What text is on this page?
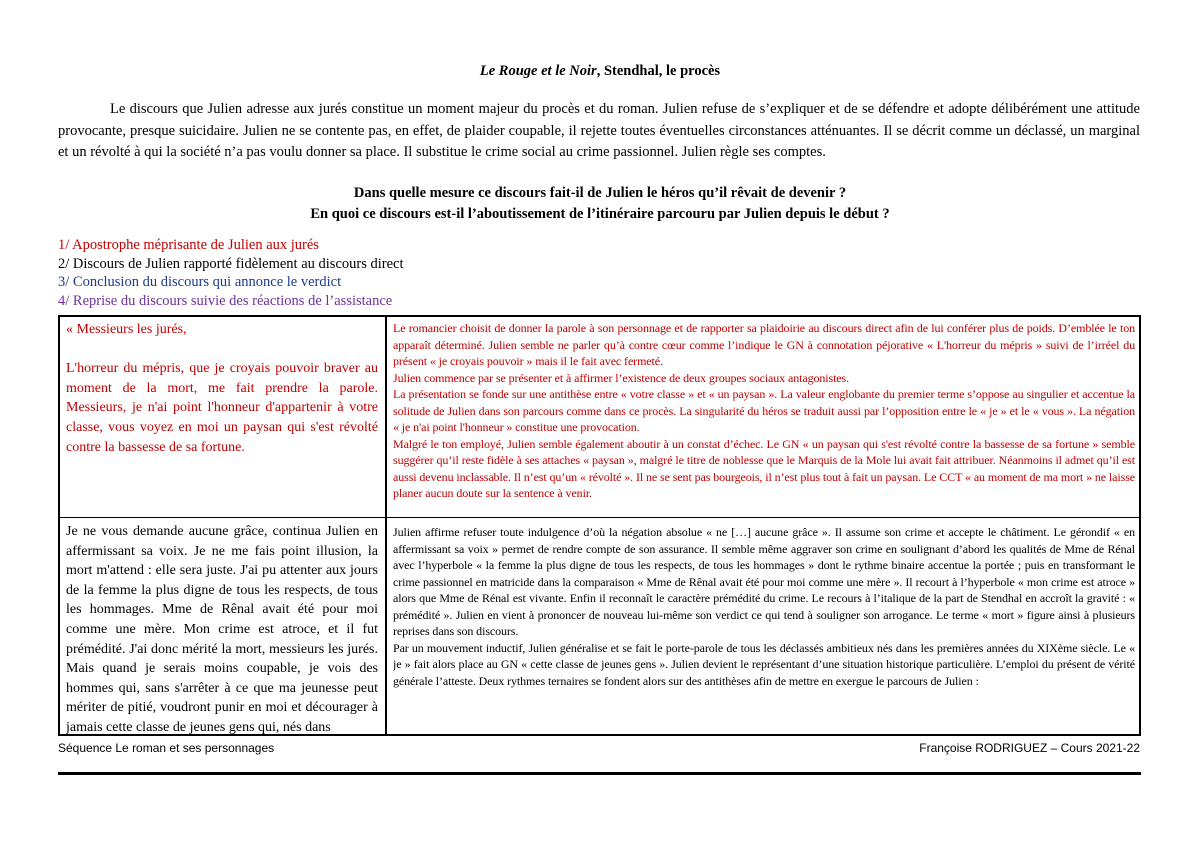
Le Rouge et le Noir, Stendhal, le procès
Le discours que Julien adresse aux jurés constitue un moment majeur du procès et du roman. Julien refuse de s’expliquer et de se défendre et adopte délibérément une attitude provocante, presque suicidaire. Julien ne se contente pas, en effet, de plaider coupable, il rejette toutes éventuelles circonstances atténuantes. Il se décrit comme un déclassé, un marginal et un révolté à qui la société n’a pas voulu donner sa place. Il substitue le crime social au crime passionnel. Julien règle ses comptes.
Dans quelle mesure ce discours fait-il de Julien le héros qu’il rêvait de devenir ?
En quoi ce discours est-il l’aboutissement de l’itinéraire parcouru par Julien depuis le début ?
1/ Apostrophe méprisante de Julien aux jurés
2/ Discours de Julien rapporté fidèlement au discours direct
3/ Conclusion du discours qui annonce le verdict
4/ Reprise du discours suivie des réactions de l’assistance

« Messieurs les jurés,

L'horreur du mépris, que je croyais pouvoir braver au moment de la mort, me fait prendre la parole. Messieurs, je n'ai point l'honneur d'appartenir à votre classe, vous voyez en moi un paysan qui s'est révolté contre la bassesse de sa fortune.

Le romancier choisit de donner la parole à son personnage et de rapporter sa plaidoirie au discours direct afin de lui conférer plus de poids. D’emblée le ton apparaît déterminé. Julien semble ne parler qu’à contre cœur comme l’indique le GN à connotation péjorative « L'horreur du mépris » suivi de l’irréel du présent « je croyais pouvoir » mais il le fait avec fermeté.

Julien commence par se présenter et à affirmer l’existence de deux groupes sociaux antagonistes.

La présentation se fonde sur une antithèse entre « votre classe » et « un paysan ». La valeur englobante du premier terme s’oppose au singulier et accentue la solitude de Julien dans son parcours comme dans ce procès. La singularité du héros se traduit aussi par l’opposition entre le « je » et le « vous ». La négation « je n'ai point l'honneur » constitue une provocation.

Malgré le ton employé, Julien semble également aboutir à un constat d’échec. Le GN « un paysan qui s'est révolté contre la bassesse de sa fortune » semble suggérer qu’il reste fidèle à ses attaches « paysan », malgré le titre de noblesse que le Marquis de la Mole lui avait fait attribuer. Néanmoins il admet qu’il est aussi devenu inclassable. Il n’est qu’un « révolté ». Il ne se sent pas bourgeois, il n’est plus tout à fait un paysan. Le CCT « au moment de ma mort » ne laisse planer aucun doute sur la sentence à venir.

Je ne vous demande aucune grâce, continua Julien en affermissant sa voix. Je ne me fais point illusion, la mort m'attend : elle sera juste. J'ai pu attenter aux jours de la femme la plus digne de tous les respects, de tous les hommages. Mme de Rênal avait été pour moi comme une mère. Mon crime est atroce, et il fut prémédité. J'ai donc mérité la mort, messieurs les jurés. Mais quand je serais moins coupable, je vois des hommes qui, sans s'arrêter à ce que ma jeunesse peut mériter de pitié, voudront punir en moi et décourager à jamais cette classe de jeunes gens qui, nés dans

Julien affirme refuser toute indulgence d’où la négation absolue « ne […] aucune grâce ». Il assume son crime et accepte le châtiment. Le gérondif « en affermissant sa voix » permet de rendre compte de son assurance. Il semble même aggraver son crime en soulignant d’abord les qualités de Mme de Rénal avec l’hyperbole « la femme la plus digne de tous les respects, de tous les hommages » dont le rythme binaire accentue la portée ; puis en transformant le crime passionnel en matricide dans la comparaison « Mme de Rênal avait été pour moi comme une mère ». Il recourt à l’hyperbole « mon crime est atroce » alors que Mme de Rénal est vivante. Enfin il reconnaît le caractère prémédité du crime. Le recours à l’italique de la part de Stendhal en accroît la gravité : « prémédité ». Julien en vient à prononcer de nouveau lui-même son verdict ce qui tend à souligner son arrogance. Le terme « mort » figure ainsi à plusieurs reprises dans son discours.

Par un mouvement inductif, Julien généralise et se fait le porte-parole de tous les déclassés ambitieux nés dans les premières années du XIXème siècle. Le « je » fait alors place au GN « cette classe de jeunes gens ». Julien devient le représentant d’une situation historique particulière. L’emploi du présent de vérité générale l’atteste. Deux rythmes ternaires se fondent alors sur des antithèses afin de mettre en exergue le parcours de Julien :

Séquence Le roman et ses personnages	Françoise RODRIGUEZ – Cours 2021-22
